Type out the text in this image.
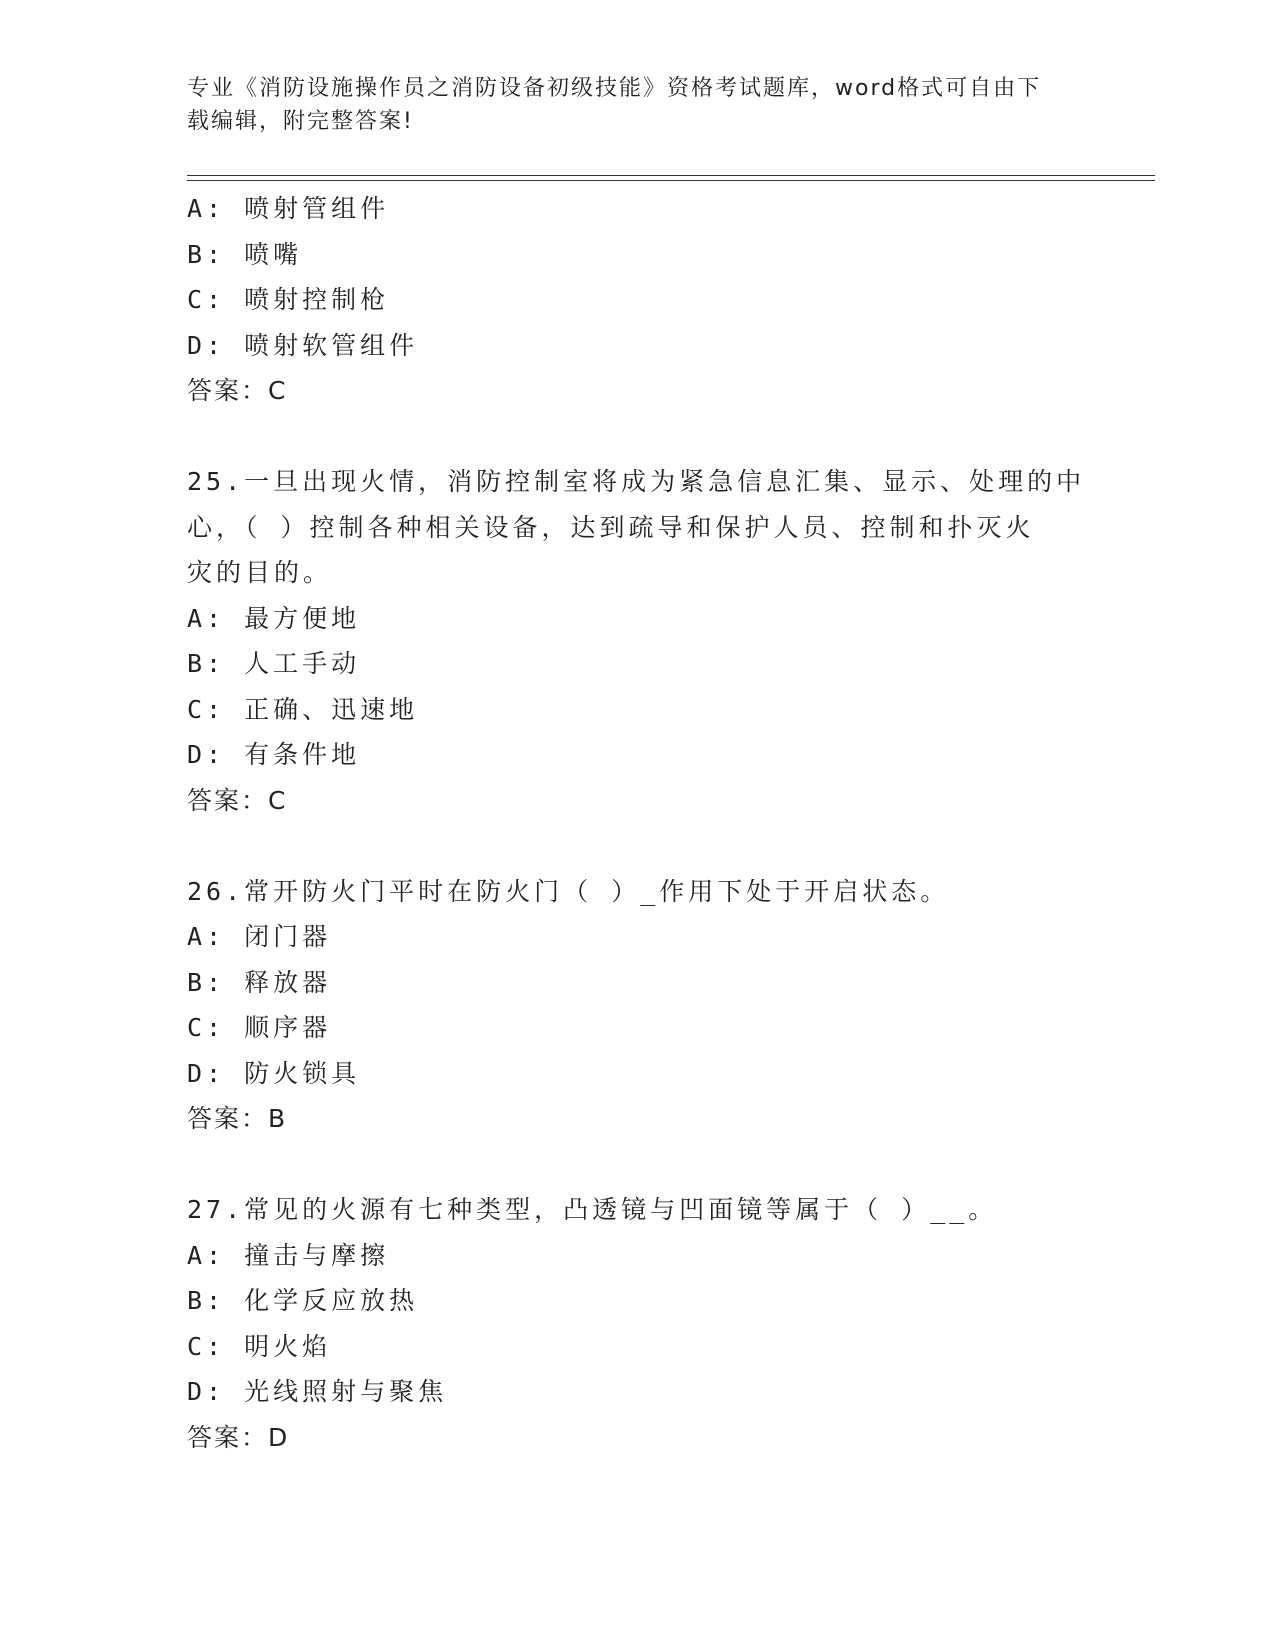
专业《消防设施操作员之消防设备初级技能》资格考试题库，word格式可自由下
载编辑，附完整答案!
A: 喷射管组件
B: 喷嘴
C: 喷射控制枪
D: 喷射软管组件
答案：C
25.一旦出现火情，消防控制室将成为紧急信息汇集、显示、处理的中
心，（ ）控制各种相关设备，达到疏导和保护人员、控制和扑灭火
灾的目的。
A: 最方便地
B: 人工手动
C: 正确、迅速地
D: 有条件地
答案：C
26.常开防火门平时在防火门（ ）_作用下处于开启状态。
A: 闭门器
B: 释放器
C: 顺序器
D: 防火锁具
答案：B
27.常见的火源有七种类型，凸透镜与凹面镜等属于（ ）__。
A: 撞击与摩擦
B: 化学反应放热
C: 明火焰
D: 光线照射与聚焦
答案：D
